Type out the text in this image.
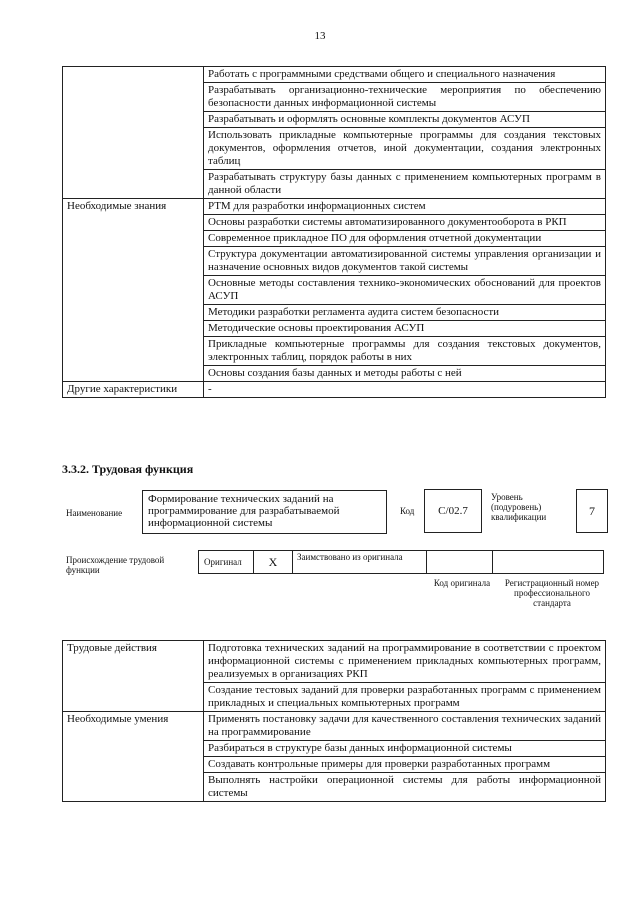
13
	Работать с программными средствами общего и специального назначения
	Разрабатывать организационно-технические мероприятия по обеспечению безопасности данных информационной системы
	Разрабатывать и оформлять основные комплекты документов АСУП
	Использовать прикладные компьютерные программы для создания текстовых документов, оформления отчетов, иной документации, создания электронных таблиц
	Разрабатывать структуру базы данных с применением компьютерных программ в данной области
Необходимые знания	РТМ для разработки информационных систем
	Основы разработки системы автоматизированного документооборота в РКП
	Современное прикладное ПО для оформления отчетной документации
	Структура документации автоматизированной системы управления организации и назначение основных видов документов такой системы
	Основные методы составления технико-экономических обоснований для проектов АСУП
	Методики разработки регламента аудита систем безопасности
	Методические основы проектирования АСУП
	Прикладные компьютерные программы для создания текстовых документов, электронных таблиц, порядок работы в них
	Основы создания базы данных и методы работы с ней
Другие характеристики	-
3.3.2. Трудовая функция
Наименование
Формирование технических заданий на программирование для разрабатываемой информационной системы
Код	C/02.7
Уровень (подуровень) квалификации	7
Происхождение трудовой функции
Оригинал	X	Заимствовано из оригинала
Код оригинала	Регистрационный номер профессионального стандарта
Трудовые действия	Подготовка технических заданий на программирование в соответствии с проектом информационной системы с применением прикладных компьютерных программ, реализуемых в организациях РКП
	Создание тестовых заданий для проверки разработанных программ с применением прикладных и специальных компьютерных программ
Необходимые умения	Применять постановку задачи для качественного составления технических заданий на программирование
	Разбираться в структуре базы данных информационной системы
	Создавать контрольные примеры для проверки разработанных программ
	Выполнять настройки операционной системы для работы информационной системы
